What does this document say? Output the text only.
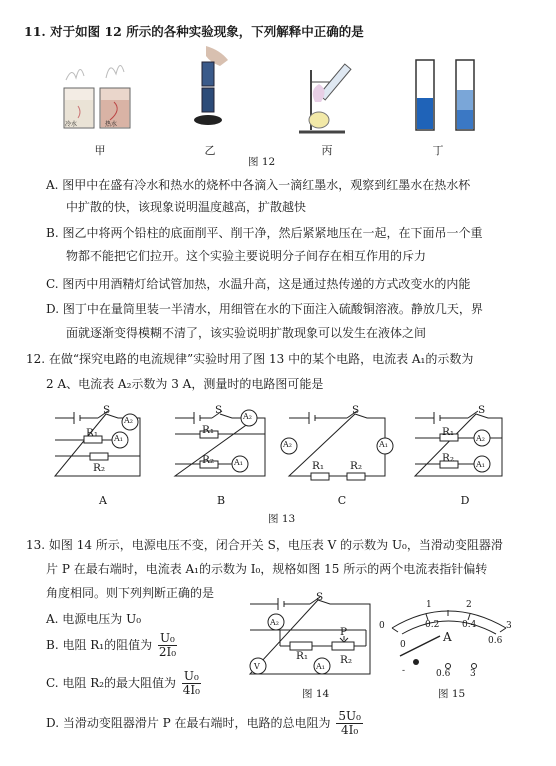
11. 对于如图 12 所示的各种实验现象，下列解释中正确的是
冷水	热水
甲	乙	丙	丁
图 12
A. 图甲中在盛有冷水和热水的烧杯中各滴入一滴红墨水，观察到红墨水在热水杯
中扩散的快，该现象说明温度越高，扩散越快
B. 图乙中将两个铅柱的底面削平、削干净，然后紧紧地压在一起，在下面吊一个重
物都不能把它们拉开。这个实验主要说明分子间存在相互作用的斥力
C. 图丙中用酒精灯给试管加热，水温升高，这是通过热传递的方式改变水的内能
D. 图丁中在量筒里装一半清水，用细管在水的下面注入硫酸铜溶液。静放几天，界
面就逐渐变得模糊不清了，该实验说明扩散现象可以发生在液体之间
12. 在做“探究电路的电流规律”实验时用了图 13 中的某个电路，电流表 A₁的示数为
2 A、电流表 A₂示数为 3 A，测量时的电路图可能是
S
A₂
A₁
R₁
R₂
S
A₂
R₁
R₂ A₁
S
A₂	A₁
R₁ R₂
S
R₁
A₂
R₂
A₁
A	B	C	D
图 13
13. 如图 14 所示，电源电压不变，闭合开关 S，电压表 V 的示数为 U₀，当滑动变阻器滑
片 P 在最右端时，电流表 A₁的示数为 I₀，规格如图 15 所示的两个电流表指针偏转
角度相同。则下列判断正确的是
A. 电源电压为 U₀
B. 电阻 R₁的阻值为 $\frac{\text{U₀}}{\text{2I₀}}$
C. 电阻 R₂的最大阻值为 $\frac{\text{U₀}}{\text{4I₀}}$
D. 当滑动变阻器滑片 P 在最右端时，电路的总电阻为 $\frac{\text{5U₀}}{\text{4I₀}}$
S
A₂
P
R₁	R₂
V	A₁
图 14
0
1	2
3
0
0.2	0.4
0.6
A
-	0.6 3
图 15
